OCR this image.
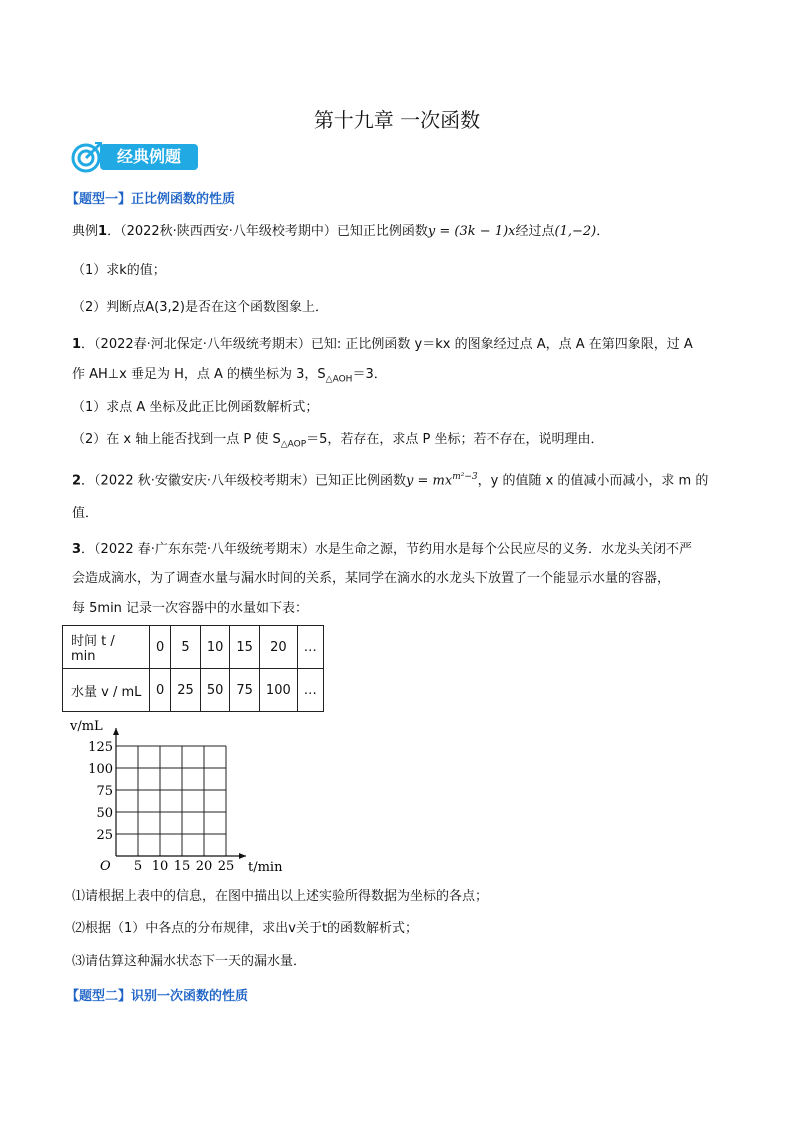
第十九章 一次函数
经典例题
【题型一】正比例函数的性质
典例1．（2022秋·陕西西安·八年级校考期中）已知正比例函数y = (3k − 1)x经过点(1,−2)．
（1）求k的值；
（2）判断点A(3,2)是否在这个函数图象上．
1．（2022春·河北保定·八年级统考期末）已知: 正比例函数 y＝kx 的图象经过点 A，点 A 在第四象限，过 A
作 AH⊥x 垂足为 H，点 A 的横坐标为 3，$S_{\triangle AOH}=3$．
（1）求点 A 坐标及此正比例函数解析式；
（2）在 x 轴上能否找到一点 P 使 $S_{\triangle AOP}=5$，若存在，求点 P 坐标；若不存在，说明理由．
2．（2022 秋·安徽安庆·八年级校考期末）已知正比例函数$y = mx^{m^2-3}$，y 的值随 x 的值减小而减小，求 m 的
值．
3．（2022 春·广东东莞·八年级统考期末）水是生命之源，节约用水是每个公民应尽的义务．水龙头关闭不严
会造成滴水，为了调查水量与漏水时间的关系，某同学在滴水的水龙头下放置了一个能显示水量的容器，
每 5min 记录一次容器中的水量如下表：
时间 t / min	0	5	10	15	20	…
水量 v / mL	0	25	50	75	100	…
5 10 15 20 25
25
50
75
100
125
O	t/min
v/mL
⑴请根据上表中的信息，在图中描出以上述实验所得数据为坐标的各点；
⑵根据（1）中各点的分布规律，求出v关于t的函数解析式；
⑶请估算这种漏水状态下一天的漏水量．
【题型二】识别一次函数的性质
